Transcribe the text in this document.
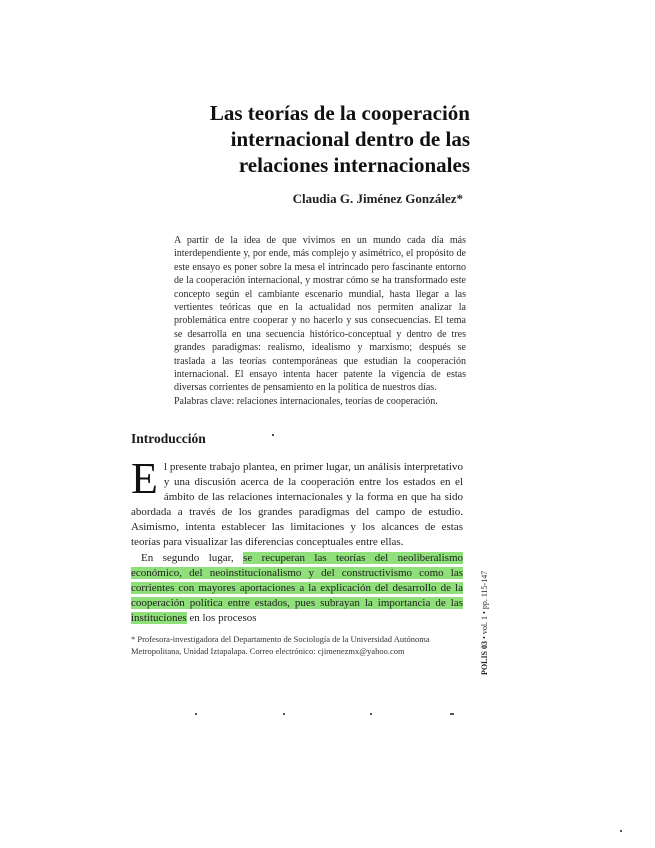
Las teorías de la cooperación
internacional dentro de las
relaciones internacionales
Claudia G. Jiménez González*

A partir de la idea de que vivimos en un mundo cada día más interdependiente y, por ende, más complejo y asimétrico, el propósito de este ensayo es poner sobre la mesa el intrincado pero fascinante entorno de la cooperación internacional, y mostrar cómo se ha transformado este concepto según el cambiante escenario mundial, hasta llegar a las vertientes teóricas que en la actualidad nos permiten analizar la problemática entre cooperar y no hacerlo y sus consecuencias. El tema se desarrolla en una secuencia histórico-conceptual y dentro de tres grandes paradigmas: realismo, idealismo y marxismo; después se traslada a las teorías contemporáneas que estudian la cooperación internacional. El ensayo intenta hacer patente la vigencia de estas diversas corrientes de pensamiento en la política de nuestros días.

Palabras clave: relaciones internacionales, teorías de cooperación.

Introducción

El presente trabajo plantea, en primer lugar, un análisis interpretativo y una discusión acerca de la cooperación entre los estados en el ámbito de las relaciones internacionales y la forma en que ha sido abordada a través de los grandes paradigmas del campo de estudio. Asimismo, intenta establecer las limitaciones y los alcances de estas teorías para visualizar las diferencias conceptuales entre ellas.

En segundo lugar, se recuperan las teorías del neoliberalismo económico, del neoinstitucionalismo y del constructivismo como las corrientes con mayores aportaciones a la explicación del desarrollo de la cooperación política entre estados, pues subrayan la importancia de las instituciones en los procesos

* Profesora-investigadora del Departamento de Sociología de la Universidad Autónoma Metropolitana, Unidad Iztapalapa. Correo electrónico: cjimenezmx@yahoo.com	POLIS 03 • vol. 1 • pp. 115-147
